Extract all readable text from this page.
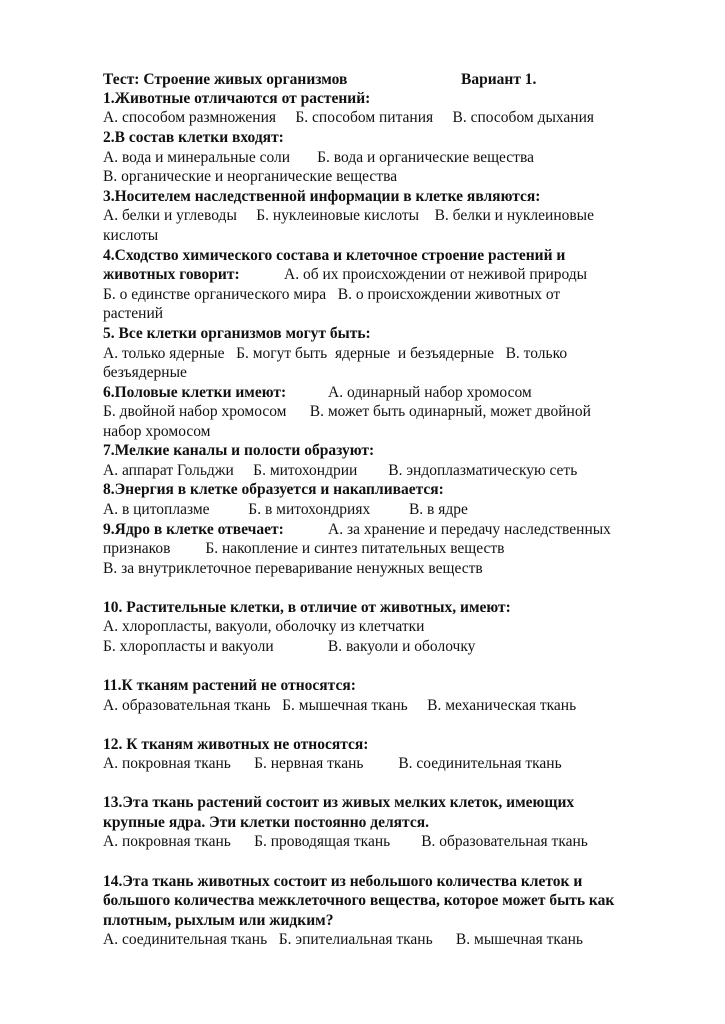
Тест: Строение живых организмов	Вариант 1.

1.Животные отличаются от растений:

А. способом размножения     Б. способом питания     В. способом дыхания

2.В состав клетки входят:

А. вода и минеральные соли       Б. вода и органические вещества

В. органические и неорганические вещества

3.Носителем наследственной информации в клетке являются:

А. белки и углеводы     Б. нуклеиновые кислоты    В. белки и нуклеиновые

кислоты

4.Сходство химического состава и клеточное строение растений и

животных говорит:	А. об их происхождении от неживой природы

Б. о единстве органического мира   В. о происхождении животных от

растений

5. Все клетки организмов могут быть:

А. только ядерные   Б. могут быть  ядерные  и безъядерные   В. только

безъядерные

6.Половые клетки имеют:	А. одинарный набор хромосом

Б. двойной набор хромосом      В. может быть одинарный, может двойной

набор хромосом

7.Мелкие каналы и полости образуют:

А. аппарат Гольджи     Б. митохондрии        В. эндоплазматическую сеть

8.Энергия в клетке образуется и накапливается:

А. в цитоплазме          Б. в митохондриях          В. в ядре

9.Ядро в клетке отвечает:	А. за хранение и передачу наследственных

признаков         Б. накопление и синтез питательных веществ

В. за внутриклеточное переваривание ненужных веществ

10. Растительные клетки, в отличие от животных, имеют:

А. хлоропласты, вакуоли, оболочку из клетчатки

Б. хлоропласты и вакуоли              В. вакуоли и оболочку

11.К тканям растений не относятся:

А. образовательная ткань   Б. мышечная ткань     В. механическая ткань

12. К тканям животных не относятся:

А. покровная ткань      Б. нервная ткань         В. соединительная ткань

13.Эта ткань растений состоит из живых мелких клеток, имеющих

крупные ядра. Эти клетки постоянно делятся.

А. покровная ткань      Б. проводящая ткань        В. образовательная ткань

14.Эта ткань животных состоит из небольшого количества клеток и

большого количества межклеточного вещества, которое может быть как

плотным, рыхлым или жидким?

А. соединительная ткань   Б. эпителиальная ткань      В. мышечная ткань
